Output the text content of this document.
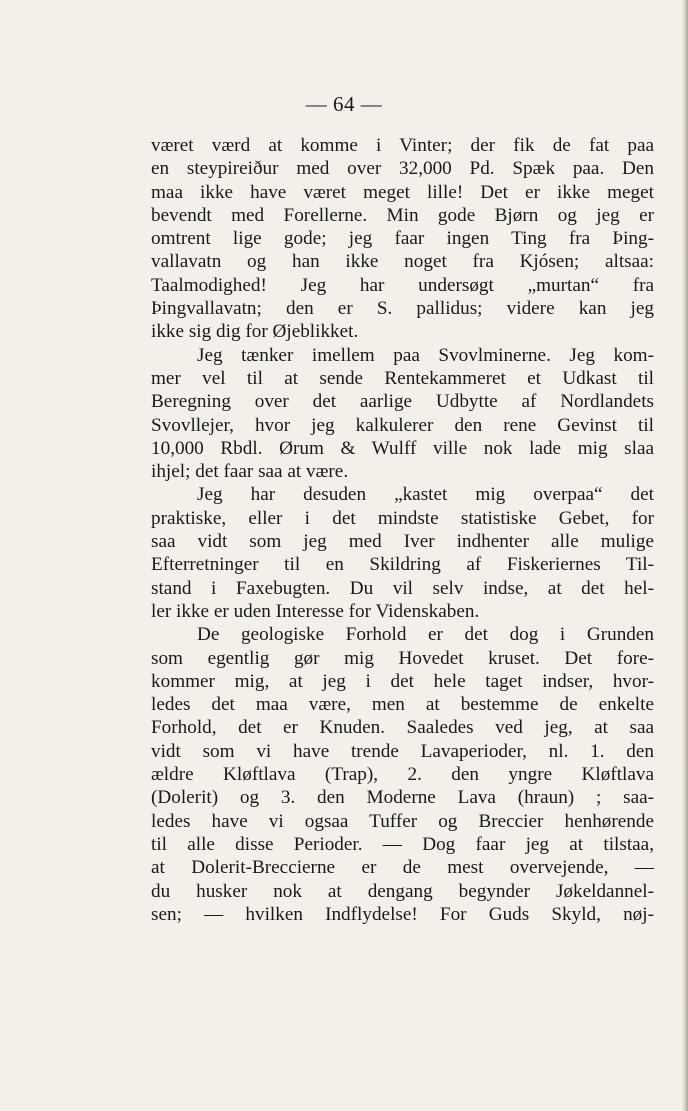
— 64 —
været værd at komme i Vinter; der fik de fat paa
en steypireiður med over 32,000 Pd. Spæk paa. Den
maa ikke have været meget lille! Det er ikke meget
bevendt med Forellerne. Min gode Bjørn og jeg er
omtrent lige gode; jeg faar ingen Ting fra Þing-
vallavatn og han ikke noget fra Kjósen; altsaa:
Taalmodighed! Jeg har undersøgt „murtan“ fra
Þingvallavatn; den er S. pallidus; videre kan jeg
ikke sig dig for Øjeblikket.
Jeg tænker imellem paa Svovlminerne. Jeg kom-
mer vel til at sende Rentekammeret et Udkast til
Beregning over det aarlige Udbytte af Nordlandets
Svovllejer, hvor jeg kalkulerer den rene Gevinst til
10,000 Rbdl. Ørum & Wulff ville nok lade mig slaa
ihjel; det faar saa at være.
Jeg har desuden „kastet mig overpaa“ det
praktiske, eller i det mindste statistiske Gebet, for
saa vidt som jeg med Iver indhenter alle mulige
Efterretninger til en Skildring af Fiskeriernes Til-
stand i Faxebugten. Du vil selv indse, at det hel-
ler ikke er uden Interesse for Videnskaben.
De geologiske Forhold er det dog i Grunden
som egentlig gør mig Hovedet kruset. Det fore-
kommer mig, at jeg i det hele taget indser, hvor-
ledes det maa være, men at bestemme de enkelte
Forhold, det er Knuden. Saaledes ved jeg, at saa
vidt som vi have trende Lavaperioder, nl. 1. den
ældre Kløftlava (Trap), 2. den yngre Kløftlava
(Dolerit) og 3. den Moderne Lava (hraun) ; saa-
ledes have vi ogsaa Tuffer og Breccier henhørende
til alle disse Perioder. — Dog faar jeg at tilstaa,
at Dolerit-Breccierne er de mest overvejende, —
du husker nok at dengang begynder Jøkeldannel-
sen; — hvilken Indflydelse! For Guds Skyld, nøj-
